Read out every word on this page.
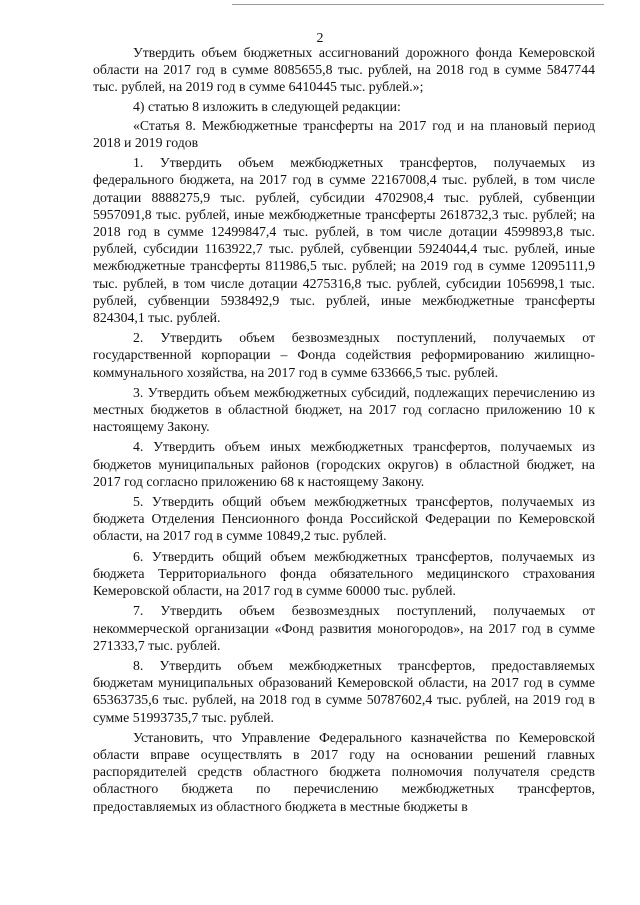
2

Утвердить объем бюджетных ассигнований дорожного фонда Кемеровской области на 2017 год в сумме 8085655,8 тыс. рублей, на 2018 год в сумме 5847744 тыс. рублей, на 2019 год в сумме 6410445 тыс. рублей.»;

4) статью 8 изложить в следующей редакции:

«Статья 8. Межбюджетные трансферты на 2017 год и на плановый период 2018 и 2019 годов

1. Утвердить объем межбюджетных трансфертов, получаемых из федерального бюджета, на 2017 год в сумме 22167008,4 тыс. рублей, в том числе дотации 8888275,9 тыс. рублей, субсидии 4702908,4 тыс. рублей, субвенции 5957091,8 тыс. рублей, иные межбюджетные трансферты 2618732,3 тыс. рублей; на 2018 год в сумме 12499847,4 тыс. рублей, в том числе дотации 4599893,8 тыс. рублей, субсидии 1163922,7 тыс. рублей, субвенции 5924044,4 тыс. рублей, иные межбюджетные трансферты 811986,5 тыс. рублей; на 2019 год в сумме 12095111,9 тыс. рублей, в том числе дотации 4275316,8 тыс. рублей, субсидии 1056998,1 тыс. рублей, субвенции 5938492,9 тыс. рублей, иные межбюджетные трансферты 824304,1 тыс. рублей.

2. Утвердить объем безвозмездных поступлений, получаемых от государственной корпорации – Фонда содействия реформированию жилищно-коммунального хозяйства, на 2017 год в сумме 633666,5 тыс. рублей.

3. Утвердить объем межбюджетных субсидий, подлежащих перечислению из местных бюджетов в областной бюджет, на 2017 год согласно приложению 10 к настоящему Закону.

4. Утвердить объем иных межбюджетных трансфертов, получаемых из бюджетов муниципальных районов (городских округов) в областной бюджет, на 2017 год согласно приложению 68 к настоящему Закону.

5. Утвердить общий объем межбюджетных трансфертов, получаемых из бюджета Отделения Пенсионного фонда Российской Федерации по Кемеровской области, на 2017 год в сумме 10849,2 тыс. рублей.

6. Утвердить общий объем межбюджетных трансфертов, получаемых из бюджета Территориального фонда обязательного медицинского страхования Кемеровской области, на 2017 год в сумме 60000 тыс. рублей.

7. Утвердить объем безвозмездных поступлений, получаемых от некоммерческой организации «Фонд развития моногородов», на 2017 год в сумме 271333,7 тыс. рублей.

8. Утвердить объем межбюджетных трансфертов, предоставляемых бюджетам муниципальных образований Кемеровской области, на 2017 год в сумме 65363735,6 тыс. рублей, на 2018 год в сумме 50787602,4 тыс. рублей, на 2019 год в сумме 51993735,7 тыс. рублей.

Установить, что Управление Федерального казначейства по Кемеровской области вправе осуществлять в 2017 году на основании решений главных распорядителей средств областного бюджета полномочия получателя средств областного бюджета по перечислению межбюджетных трансфертов, предоставляемых из областного бюджета в местные бюджеты в
